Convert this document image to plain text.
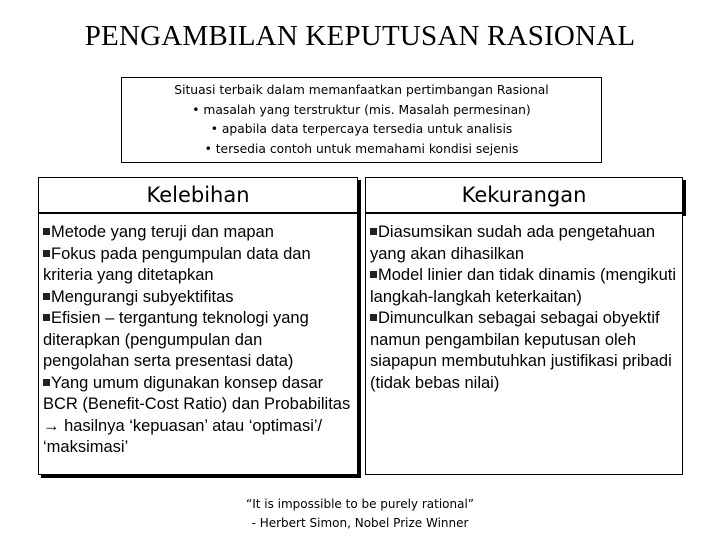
PENGAMBILAN KEPUTUSAN RASIONAL
Situasi terbaik dalam memanfaatkan pertimbangan Rasional
• masalah yang terstruktur (mis. Masalah permesinan)
• apabila data terpercaya tersedia untuk analisis
• tersedia contoh untuk memahami kondisi sejenis
Kelebihan	Kekurangan

Metode yang teruji dan mapan

Fokus pada pengumpulan data dan kriteria yang ditetapkan

Mengurangi subyektifitas

Efisien – tergantung teknologi yang diterapkan (pengumpulan dan pengolahan serta presentasi data)

Yang umum digunakan konsep dasar BCR (Benefit-Cost Ratio) dan Probabilitas → hasilnya ‘kepuasan’ atau ‘optimasi’/ ‘maksimasi’

Diasumsikan sudah ada pengetahuan yang akan dihasilkan

Model linier dan tidak dinamis (mengikuti langkah-langkah keterkaitan)

Dimunculkan sebagai sebagai obyektif namun pengambilan keputusan oleh siapapun membutuhkan justifikasi pribadi (tidak bebas nilai)

“It is impossible to be purely rational”
- Herbert Simon, Nobel Prize Winner
